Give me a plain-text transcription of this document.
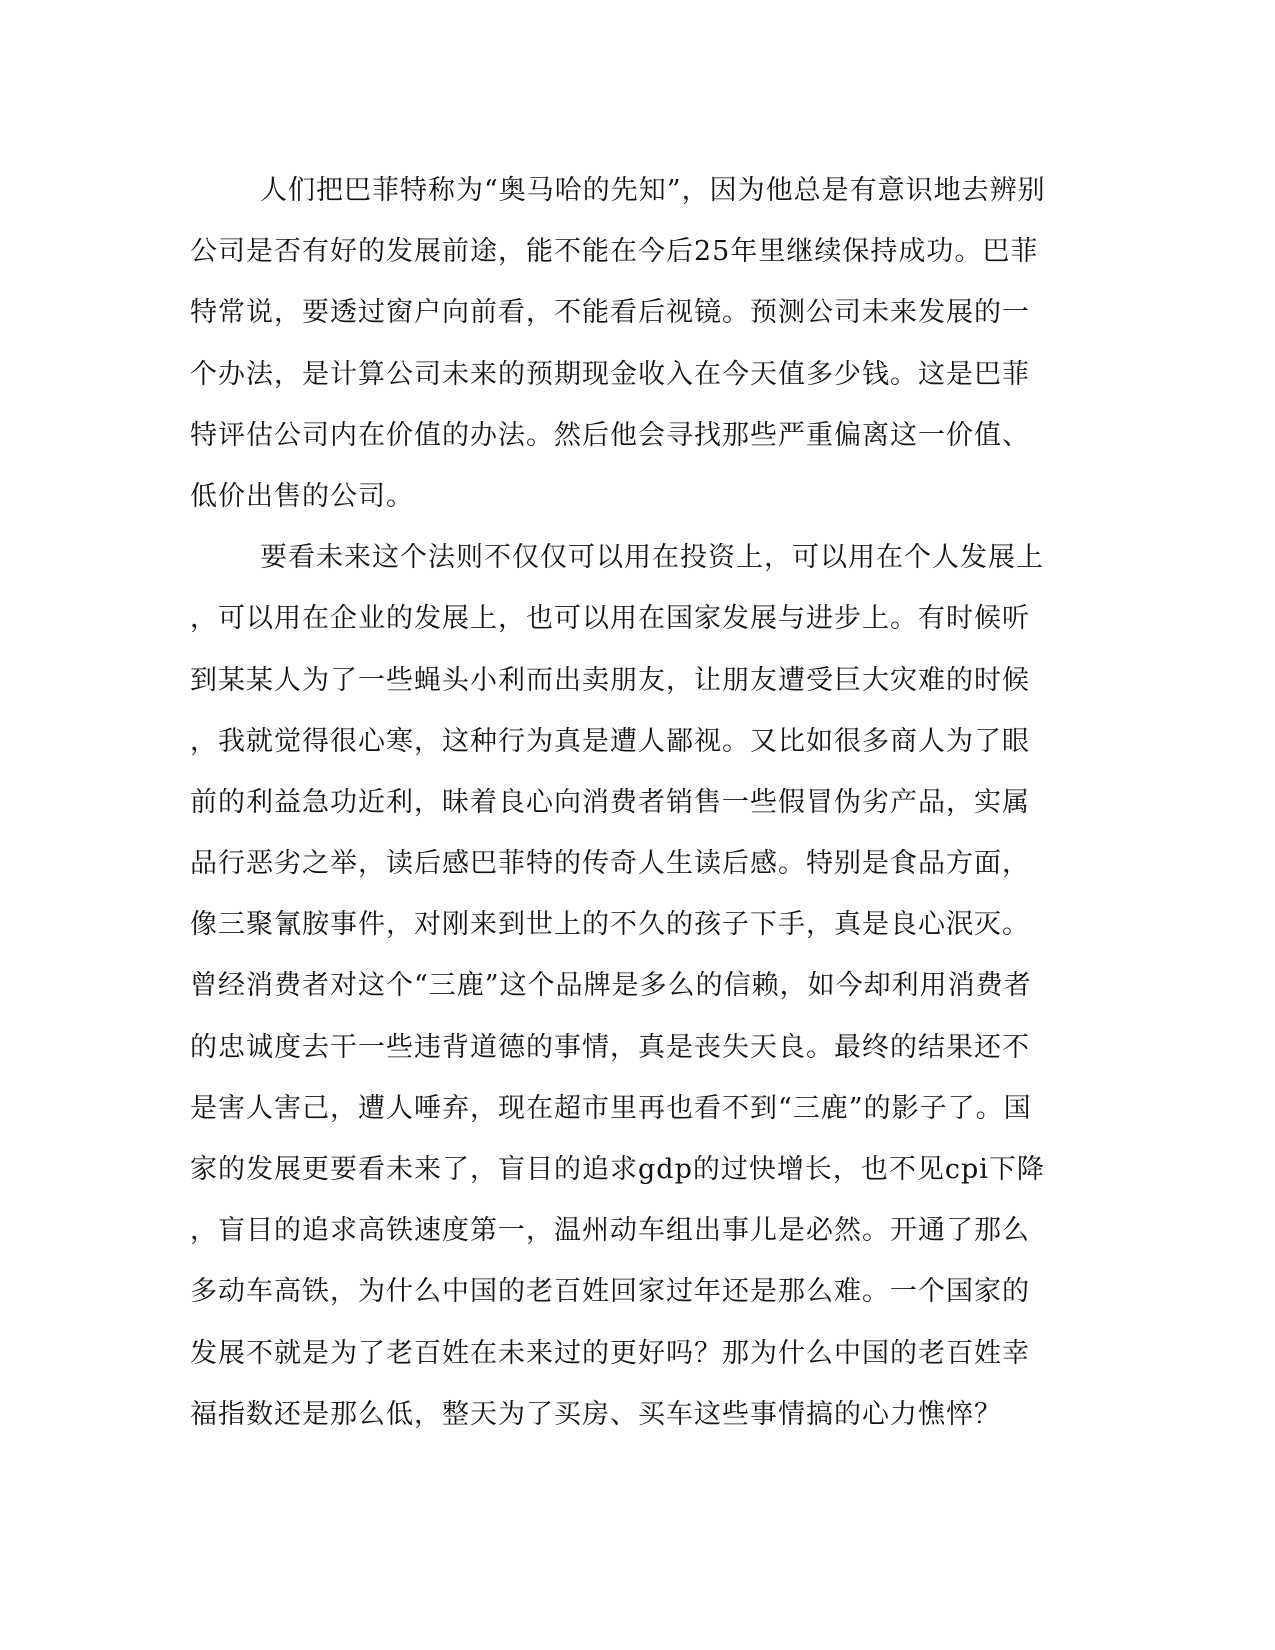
人们把巴菲特称为“奥马哈的先知”，因为他总是有意识地去辨别
公司是否有好的发展前途，能不能在今后25年里继续保持成功。巴菲
特常说，要透过窗户向前看，不能看后视镜。预测公司未来发展的一
个办法，是计算公司未来的预期现金收入在今天值多少钱。这是巴菲
特评估公司内在价值的办法。然后他会寻找那些严重偏离这一价值、
低价出售的公司。
要看未来这个法则不仅仅可以用在投资上，可以用在个人发展上
，可以用在企业的发展上，也可以用在国家发展与进步上。有时候听
到某某人为了一些蝇头小利而出卖朋友，让朋友遭受巨大灾难的时候
，我就觉得很心寒，这种行为真是遭人鄙视。又比如很多商人为了眼
前的利益急功近利，昧着良心向消费者销售一些假冒伪劣产品，实属
品行恶劣之举，读后感巴菲特的传奇人生读后感。特别是食品方面，
像三聚氰胺事件，对刚来到世上的不久的孩子下手，真是良心泯灭。
曾经消费者对这个“三鹿”这个品牌是多么的信赖，如今却利用消费者
的忠诚度去干一些违背道德的事情，真是丧失天良。最终的结果还不
是害人害己，遭人唾弃，现在超市里再也看不到“三鹿”的影子了。国
家的发展更要看未来了，盲目的追求gdp的过快增长，也不见cpi下降
，盲目的追求高铁速度第一，温州动车组出事儿是必然。开通了那么
多动车高铁，为什么中国的老百姓回家过年还是那么难。一个国家的
发展不就是为了老百姓在未来过的更好吗？那为什么中国的老百姓幸
福指数还是那么低，整天为了买房、买车这些事情搞的心力憔悴？
